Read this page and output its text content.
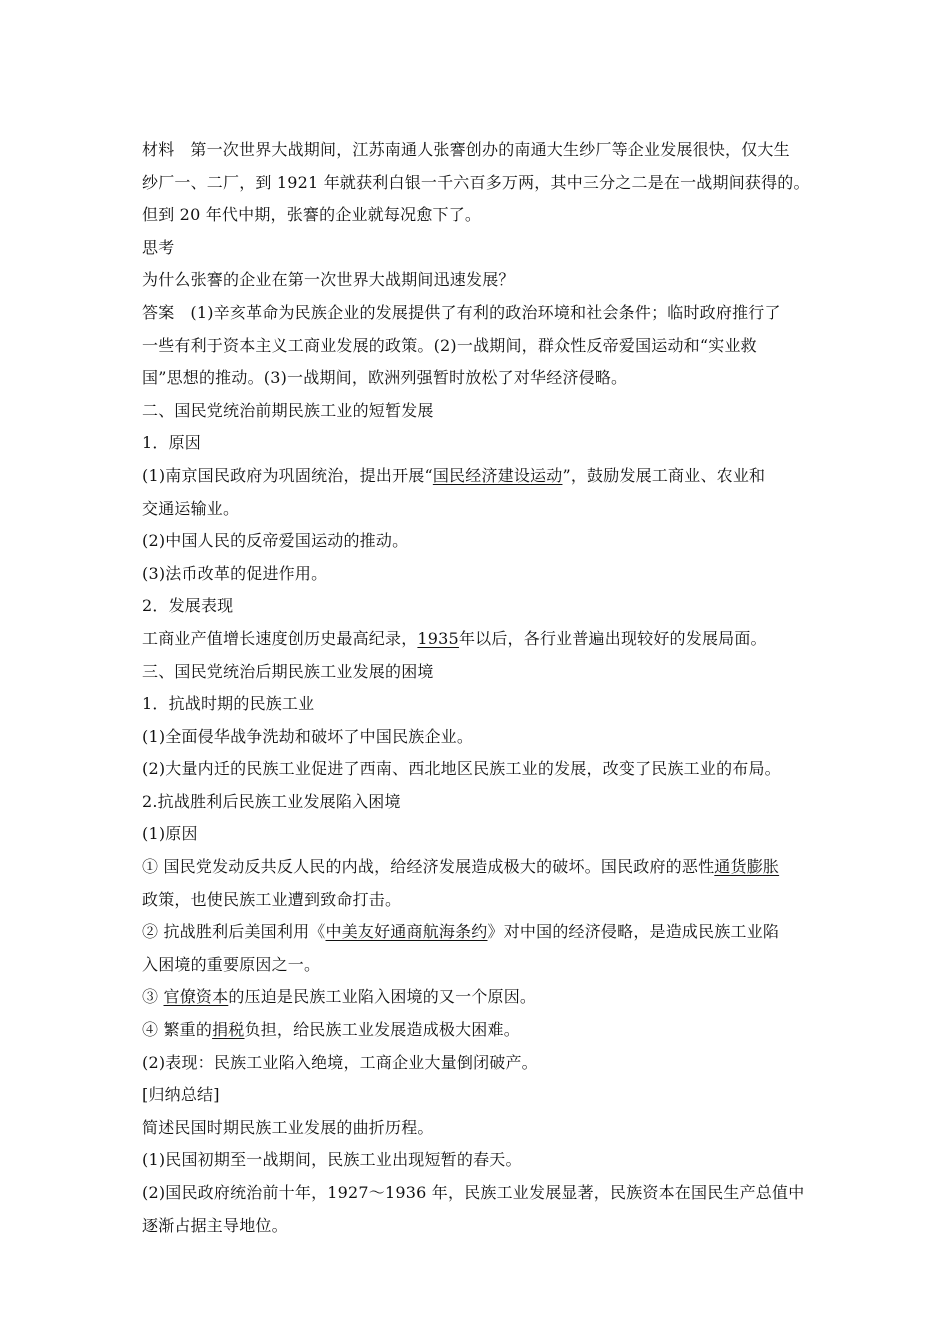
材料 第一次世界大战期间，江苏南通人张謇创办的南通大生纱厂等企业发展很快，仅大生
纱厂一、二厂，到 1921 年就获利白银一千六百多万两，其中三分之二是在一战期间获得的。
但到 20 年代中期，张謇的企业就每况愈下了。
思考
为什么张謇的企业在第一次世界大战期间迅速发展？
答案 (1)辛亥革命为民族企业的发展提供了有利的政治环境和社会条件；临时政府推行了
一些有利于资本主义工商业发展的政策。(2)一战期间，群众性反帝爱国运动和“实业救
国”思想的推动。(3)一战期间，欧洲列强暂时放松了对华经济侵略。
二、国民党统治前期民族工业的短暂发展
1．原因
(1)南京国民政府为巩固统治，提出开展“国民经济建设运动”，鼓励发展工商业、农业和
交通运输业。
(2)中国人民的反帝爱国运动的推动。
(3)法币改革的促进作用。
2．发展表现
工商业产值增长速度创历史最高纪录，1935年以后，各行业普遍出现较好的发展局面。
三、国民党统治后期民族工业发展的困境
1．抗战时期的民族工业
(1)全面侵华战争洗劫和破坏了中国民族企业。
(2)大量内迁的民族工业促进了西南、西北地区民族工业的发展，改变了民族工业的布局。
2.抗战胜利后民族工业发展陷入困境
(1)原因
① 国民党发动反共反人民的内战，给经济发展造成极大的破坏。国民政府的恶性通货膨胀
政策，也使民族工业遭到致命打击。
② 抗战胜利后美国利用《中美友好通商航海条约》对中国的经济侵略，是造成民族工业陷
入困境的重要原因之一。
③ 官僚资本的压迫是民族工业陷入困境的又一个原因。
④ 繁重的捐税负担，给民族工业发展造成极大困难。
(2)表现：民族工业陷入绝境，工商企业大量倒闭破产。
[归纳总结]
简述民国时期民族工业发展的曲折历程。
(1)民国初期至一战期间，民族工业出现短暂的春天。
(2)国民政府统治前十年，1927～1936 年，民族工业发展显著，民族资本在国民生产总值中
逐渐占据主导地位。
